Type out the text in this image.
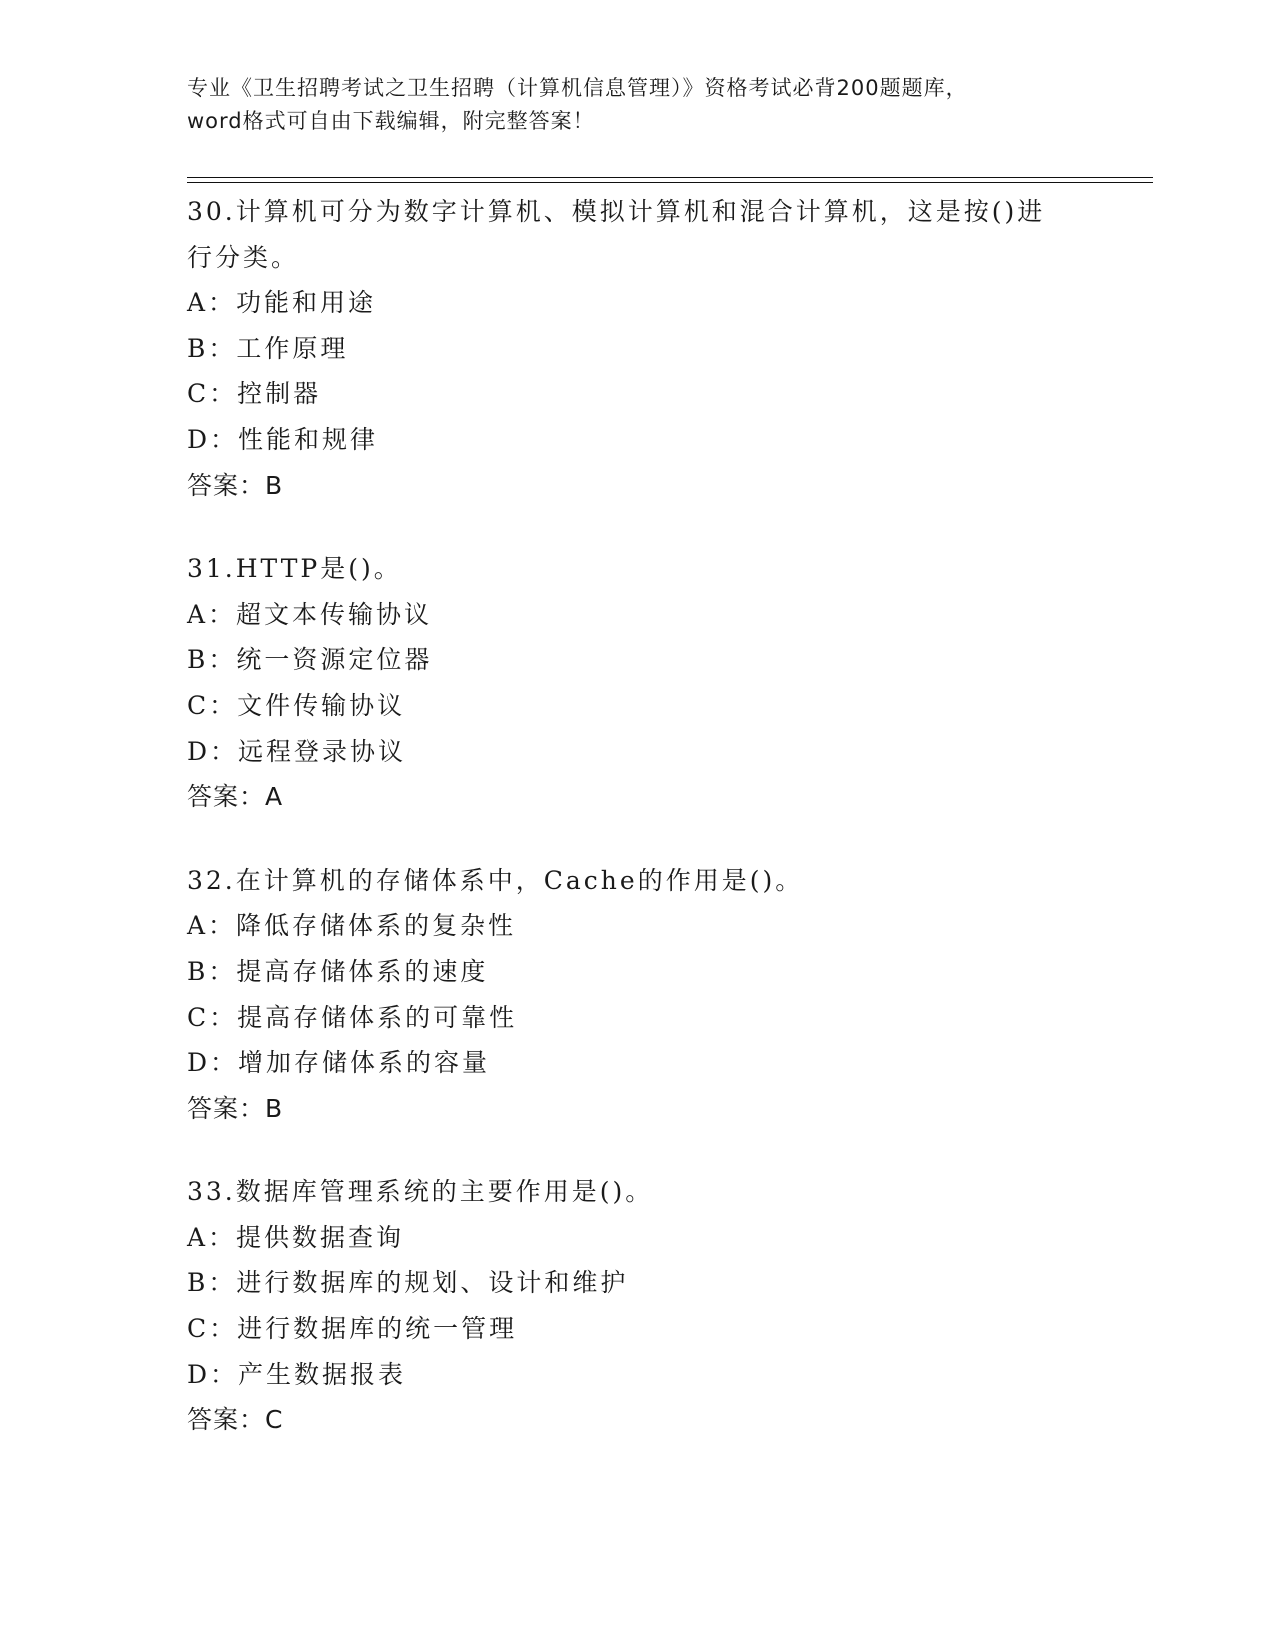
专业《卫生招聘考试之卫生招聘（计算机信息管理）》资格考试必背200题题库，
word格式可自由下载编辑，附完整答案！
30.计算机可分为数字计算机、模拟计算机和混合计算机，这是按()进
行分类。
A：功能和用途
B：工作原理
C：控制器
D：性能和规律
答案：B
31.HTTP是()。
A：超文本传输协议
B：统一资源定位器
C：文件传输协议
D：远程登录协议
答案：A
32.在计算机的存储体系中，Cache的作用是()。
A：降低存储体系的复杂性
B：提高存储体系的速度
C：提高存储体系的可靠性
D：增加存储体系的容量
答案：B
33.数据库管理系统的主要作用是()。
A：提供数据查询
B：进行数据库的规划、设计和维护
C：进行数据库的统一管理
D：产生数据报表
答案：C
